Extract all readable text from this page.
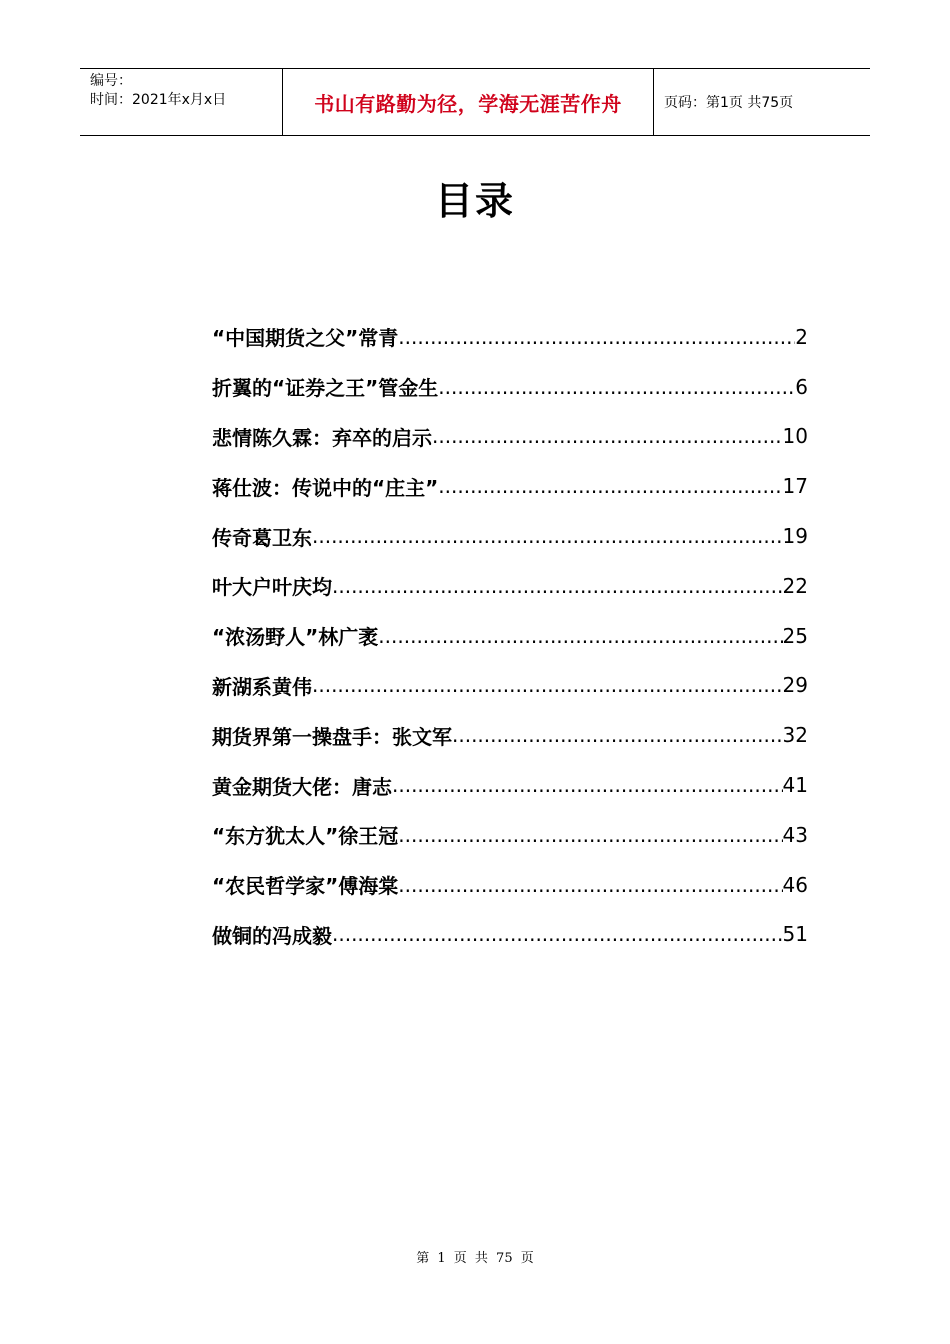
编号：
时间：2021年x月x日	书山有路勤为径，学海无涯苦作舟	页码：第1页 共75页
目录
“中国期货之父”常青 .....	2
折翼的“证券之王”管金生 .....	6
悲情陈久霖：弃卒的启示 .....	10
蒋仕波：传说中的“庄主” .....	17
传奇葛卫东 .....	19
叶大户叶庆均 .....	22
“浓汤野人”林广袤 .....	25
新湖系黄伟 .....	29
期货界第一操盘手：张文军 .....	32
黄金期货大佬：唐志 .....	41
“东方犹太人”徐王冠 .....	43
“农民哲学家”傅海棠 .....	46
做铜的冯成毅 .....	51
第 1 页 共 75 页
